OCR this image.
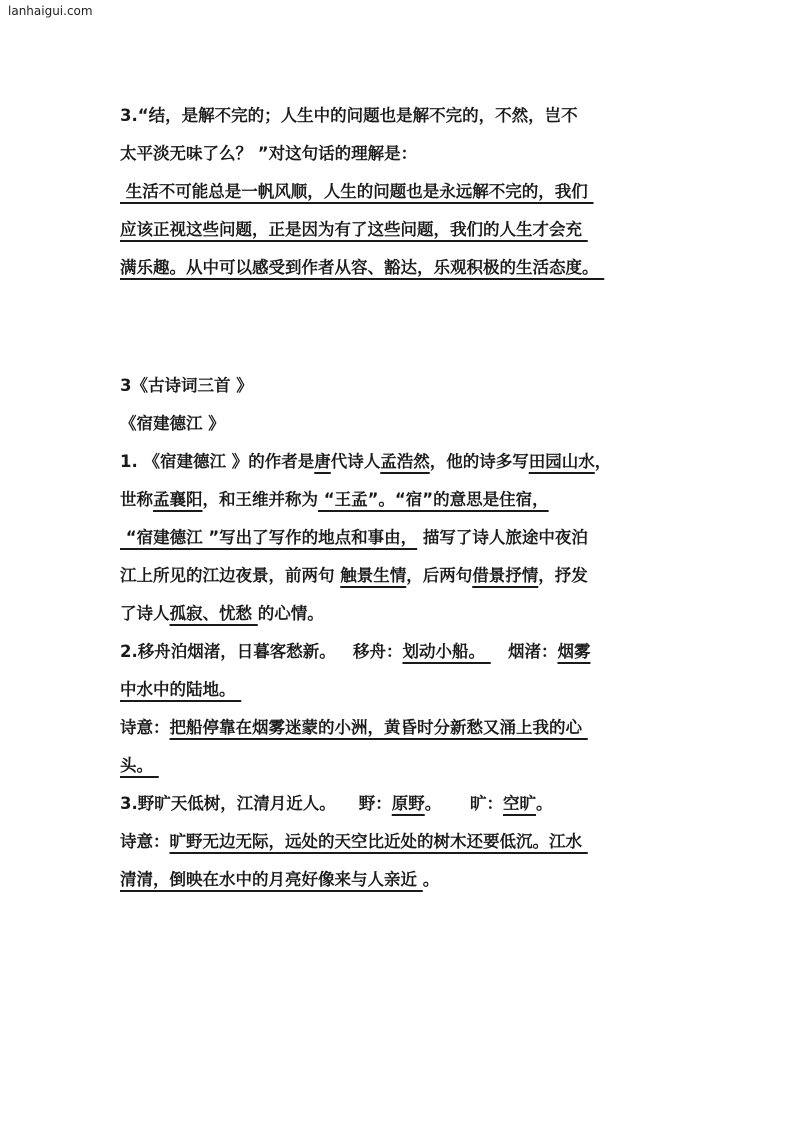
lanhaigui.com
3.“结，是解不完的；人生中的问题也是解不完的，不然，岂不
太平淡无味了么？ ”对这句话的理解是：
生活不可能总是一帆风顺，人生的问题也是永远解不完的，我们
应该正视这些问题，正是因为有了这些问题，我们的人生才会充
满乐趣。从中可以感受到作者从容、豁达，乐观积极的生活态度。
3《古诗词三首 》
《宿建德江 》
1. 《宿建德江 》的作者是唐代诗人孟浩然，他的诗多写田园山水，
世称孟襄阳，和王维并称为 “王孟”。“宿”的意思是住宿，
“宿建德江 ”写出了写作的地点和事由， 描写了诗人旅途中夜泊
江上所见的江边夜景，前两句 触景生情，后两句借景抒情，抒发
了诗人孤寂、忧愁 的心情。
2.移舟泊烟渚，日暮客愁新。   移舟：划动小船。    烟渚：烟雾
中水中的陆地。
诗意：把船停靠在烟雾迷蒙的小洲，黄昏时分新愁又涌上我的心
头。
3.野旷天低树，江清月近人。    野：原野。     旷：空旷。
诗意：旷野无边无际，远处的天空比近处的树木还要低沉。江水
清清，倒映在水中的月亮好像来与人亲近 。
